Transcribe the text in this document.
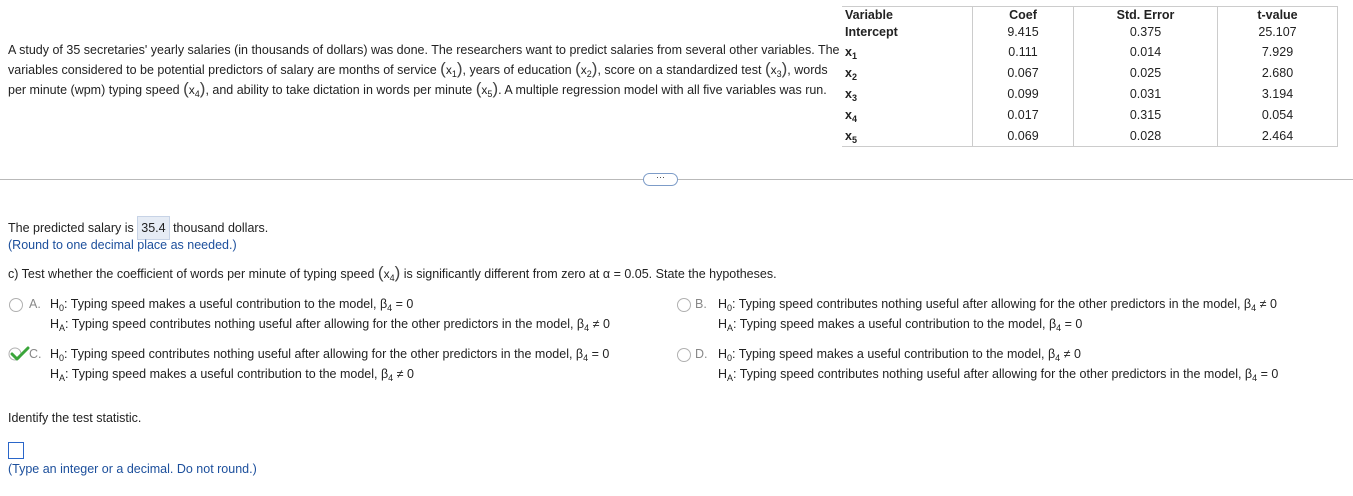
A study of 35 secretaries' yearly salaries (in thousands of dollars) was done. The researchers want to predict salaries from several other variables. The variables considered to be potential predictors of salary are months of service $(x_1)$, years of education $(x_2)$, score on a standardized test $(x_3)$, words per minute (wpm) typing speed $(x_4)$, and ability to take dictation in words per minute $(x_5)$. A multiple regression model with all five variables was run.
Variable	Coef	Std. Error	t-value
Intercept	9.415	0.375	25.107
$x_1$	0.111	0.014	7.929
$x_2$	0.067	0.025	2.680
$x_3$	0.099	0.031	3.194
$x_4$	0.017	0.315	0.054
$x_5$	0.069	0.028	2.464
···
The predicted salary is 35.4 thousand dollars.
(Round to one decimal place as needed.)
c) Test whether the coefficient of words per minute of typing speed $(x_4)$ is significantly different from zero at α = 0.05. State the hypotheses.
A. $H_0$: Typing speed makes a useful contribution to the model, $\beta_4 = 0$
$H_A$: Typing speed contributes nothing useful after allowing for the other predictors in the model, $\beta_4 \ne 0$
B. $H_0$: Typing speed contributes nothing useful after allowing for the other predictors in the model, $\beta_4 \ne 0$
$H_A$: Typing speed makes a useful contribution to the model, $\beta_4 = 0$
C. $H_0$: Typing speed contributes nothing useful after allowing for the other predictors in the model, $\beta_4 = 0$
$H_A$: Typing speed makes a useful contribution to the model, $\beta_4 \ne 0$
D. $H_0$: Typing speed makes a useful contribution to the model, $\beta_4 \ne 0$
$H_A$: Typing speed contributes nothing useful after allowing for the other predictors in the model, $\beta_4 = 0$
Identify the test statistic.
(Type an integer or a decimal. Do not round.)
